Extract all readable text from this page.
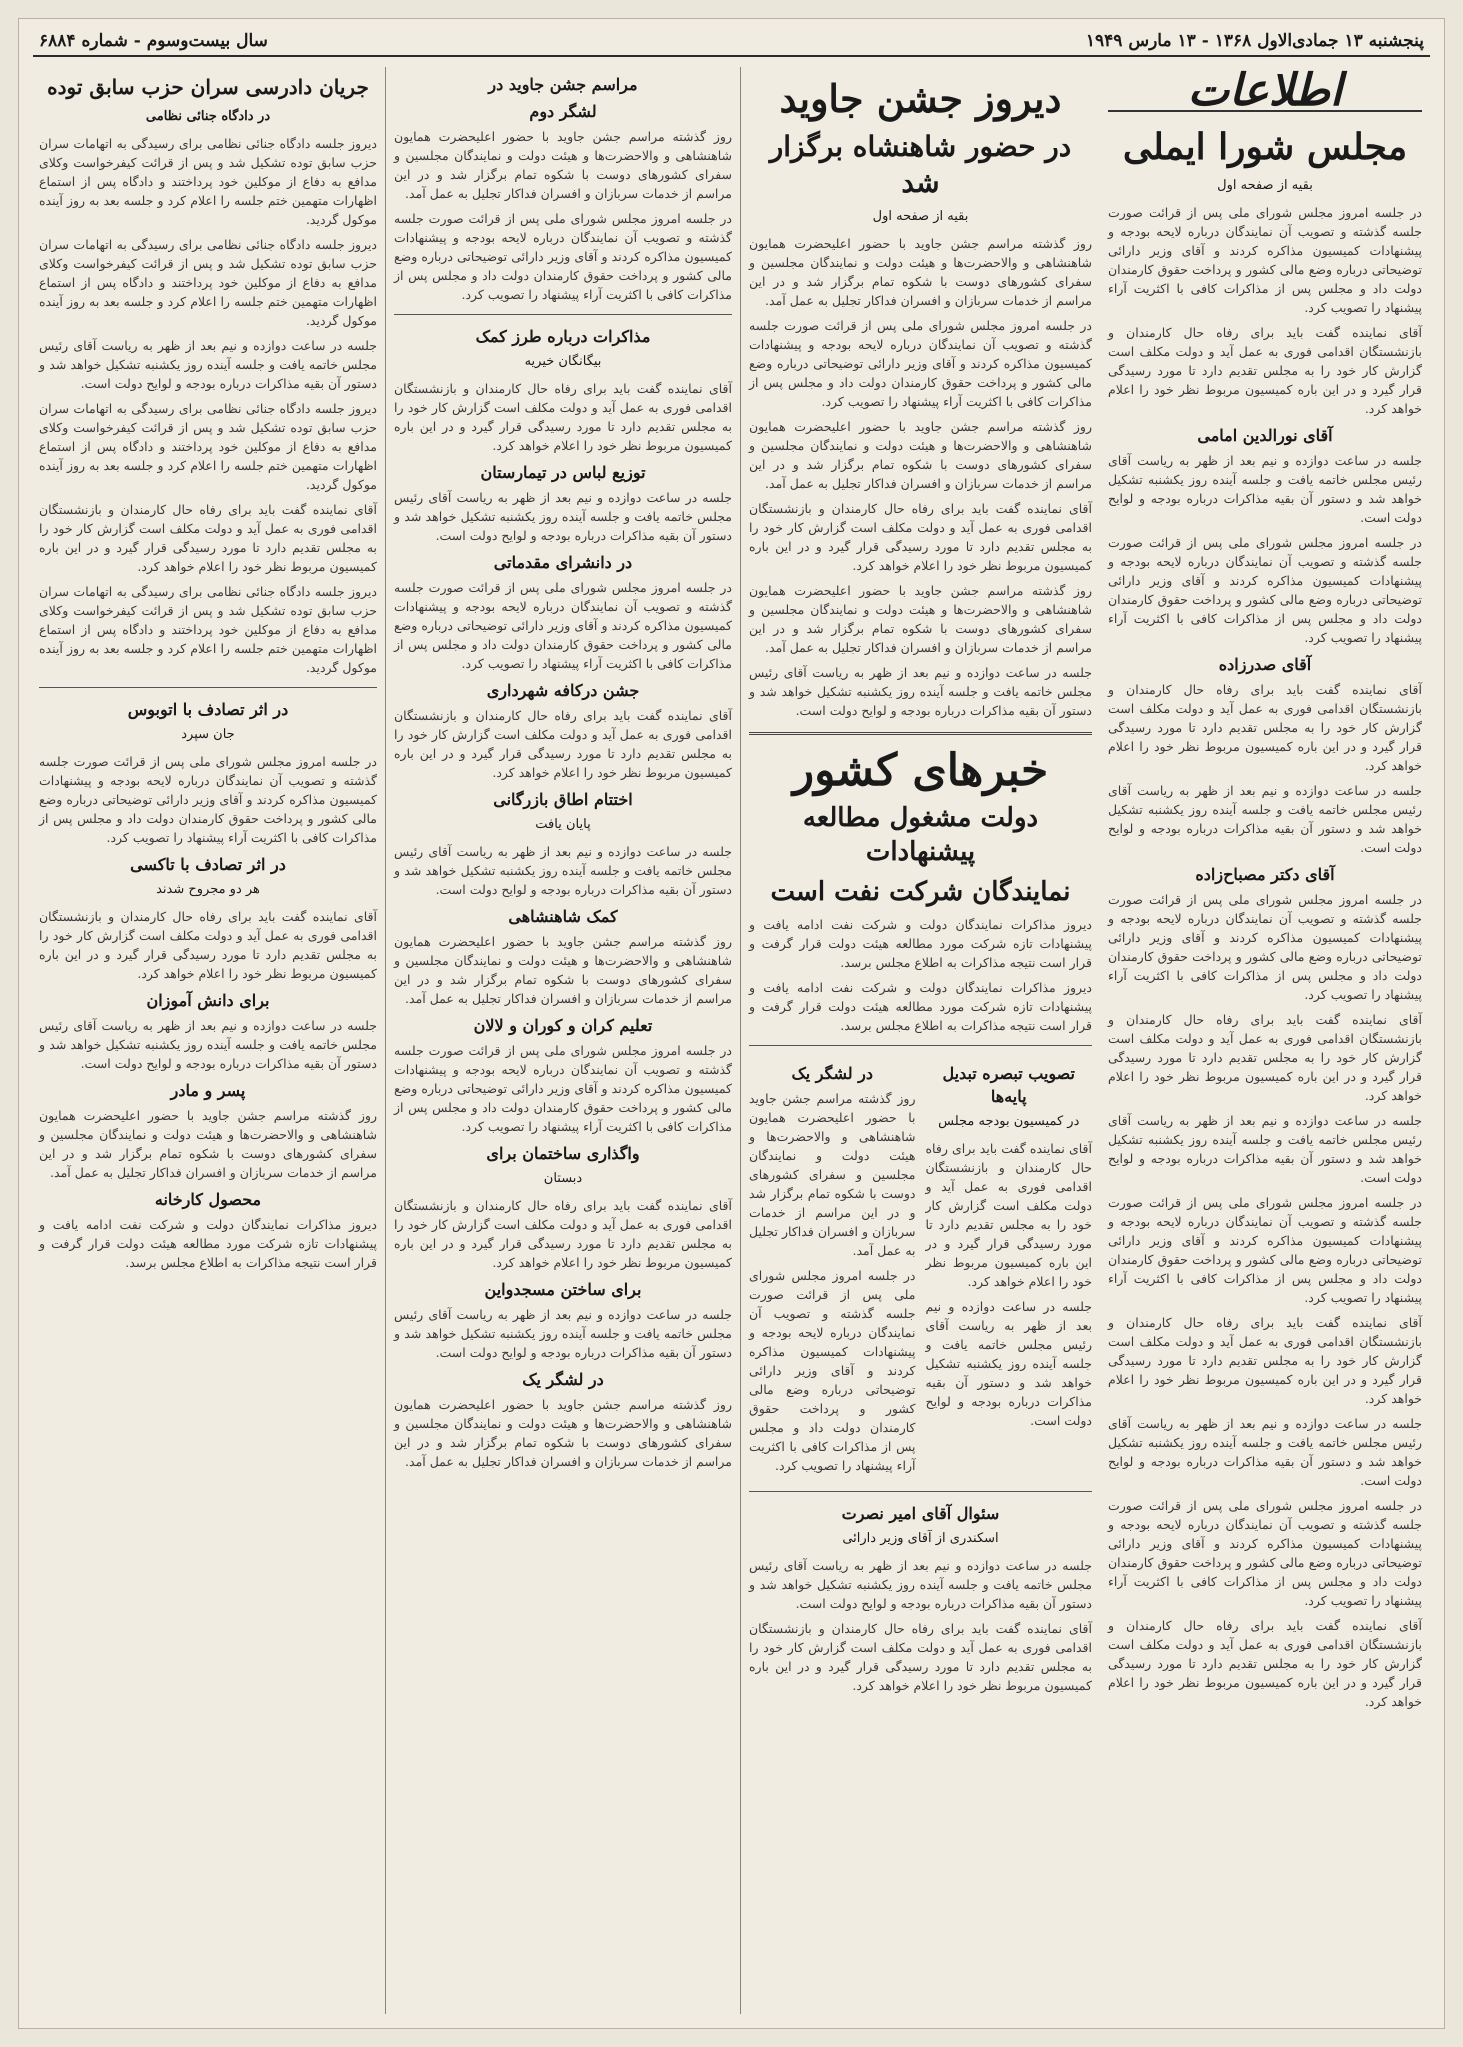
پنجشنبه ۱۳ جمادی‌الاول ۱۳۶۸ - ۱۳ مارس ۱۹۴۹
سال بیست‌وسوم - شماره ۶۸۸۴
اطلاعات
مجلس شورا ایملی
بقیه از صفحه اول

در جلسه امروز مجلس شورای ملی پس از قرائت صورت جلسه گذشته و تصویب آن نمایندگان درباره لایحه بودجه و پیشنهادات کمیسیون مذاکره کردند و آقای وزیر دارائی توضیحاتی درباره وضع مالی کشور و پرداخت حقوق کارمندان دولت داد و مجلس پس از مذاکرات کافی با اکثریت آراء پیشنهاد را تصویب کرد.

آقای نماینده گفت باید برای رفاه حال کارمندان و بازنشستگان اقدامی فوری به عمل آید و دولت مکلف است گزارش کار خود را به مجلس تقدیم دارد تا مورد رسیدگی قرار گیرد و در این باره کمیسیون مربوط نظر خود را اعلام خواهد کرد.

آقای نورالدین امامی

جلسه در ساعت دوازده و نیم بعد از ظهر به ریاست آقای رئیس مجلس خاتمه یافت و جلسه آینده روز یکشنبه تشکیل خواهد شد و دستور آن بقیه مذاکرات درباره بودجه و لوایح دولت است.

در جلسه امروز مجلس شورای ملی پس از قرائت صورت جلسه گذشته و تصویب آن نمایندگان درباره لایحه بودجه و پیشنهادات کمیسیون مذاکره کردند و آقای وزیر دارائی توضیحاتی درباره وضع مالی کشور و پرداخت حقوق کارمندان دولت داد و مجلس پس از مذاکرات کافی با اکثریت آراء پیشنهاد را تصویب کرد.

آقای صدرزاده

آقای نماینده گفت باید برای رفاه حال کارمندان و بازنشستگان اقدامی فوری به عمل آید و دولت مکلف است گزارش کار خود را به مجلس تقدیم دارد تا مورد رسیدگی قرار گیرد و در این باره کمیسیون مربوط نظر خود را اعلام خواهد کرد.

جلسه در ساعت دوازده و نیم بعد از ظهر به ریاست آقای رئیس مجلس خاتمه یافت و جلسه آینده روز یکشنبه تشکیل خواهد شد و دستور آن بقیه مذاکرات درباره بودجه و لوایح دولت است.

آقای دکتر مصباح‌زاده

در جلسه امروز مجلس شورای ملی پس از قرائت صورت جلسه گذشته و تصویب آن نمایندگان درباره لایحه بودجه و پیشنهادات کمیسیون مذاکره کردند و آقای وزیر دارائی توضیحاتی درباره وضع مالی کشور و پرداخت حقوق کارمندان دولت داد و مجلس پس از مذاکرات کافی با اکثریت آراء پیشنهاد را تصویب کرد.

آقای نماینده گفت باید برای رفاه حال کارمندان و بازنشستگان اقدامی فوری به عمل آید و دولت مکلف است گزارش کار خود را به مجلس تقدیم دارد تا مورد رسیدگی قرار گیرد و در این باره کمیسیون مربوط نظر خود را اعلام خواهد کرد.

جلسه در ساعت دوازده و نیم بعد از ظهر به ریاست آقای رئیس مجلس خاتمه یافت و جلسه آینده روز یکشنبه تشکیل خواهد شد و دستور آن بقیه مذاکرات درباره بودجه و لوایح دولت است.

در جلسه امروز مجلس شورای ملی پس از قرائت صورت جلسه گذشته و تصویب آن نمایندگان درباره لایحه بودجه و پیشنهادات کمیسیون مذاکره کردند و آقای وزیر دارائی توضیحاتی درباره وضع مالی کشور و پرداخت حقوق کارمندان دولت داد و مجلس پس از مذاکرات کافی با اکثریت آراء پیشنهاد را تصویب کرد.

آقای نماینده گفت باید برای رفاه حال کارمندان و بازنشستگان اقدامی فوری به عمل آید و دولت مکلف است گزارش کار خود را به مجلس تقدیم دارد تا مورد رسیدگی قرار گیرد و در این باره کمیسیون مربوط نظر خود را اعلام خواهد کرد.

جلسه در ساعت دوازده و نیم بعد از ظهر به ریاست آقای رئیس مجلس خاتمه یافت و جلسه آینده روز یکشنبه تشکیل خواهد شد و دستور آن بقیه مذاکرات درباره بودجه و لوایح دولت است.

در جلسه امروز مجلس شورای ملی پس از قرائت صورت جلسه گذشته و تصویب آن نمایندگان درباره لایحه بودجه و پیشنهادات کمیسیون مذاکره کردند و آقای وزیر دارائی توضیحاتی درباره وضع مالی کشور و پرداخت حقوق کارمندان دولت داد و مجلس پس از مذاکرات کافی با اکثریت آراء پیشنهاد را تصویب کرد.

آقای نماینده گفت باید برای رفاه حال کارمندان و بازنشستگان اقدامی فوری به عمل آید و دولت مکلف است گزارش کار خود را به مجلس تقدیم دارد تا مورد رسیدگی قرار گیرد و در این باره کمیسیون مربوط نظر خود را اعلام خواهد کرد.

دیروز جشن جاوید
در حضور شاهنشاه برگزار شد
بقیه از صفحه اول

روز گذشته مراسم جشن جاوید با حضور اعلیحضرت همایون شاهنشاهی و والاحضرت‌ها و هیئت دولت و نمایندگان مجلسین و سفرای کشورهای دوست با شکوه تمام برگزار شد و در این مراسم از خدمات سربازان و افسران فداکار تجلیل به عمل آمد.

در جلسه امروز مجلس شورای ملی پس از قرائت صورت جلسه گذشته و تصویب آن نمایندگان درباره لایحه بودجه و پیشنهادات کمیسیون مذاکره کردند و آقای وزیر دارائی توضیحاتی درباره وضع مالی کشور و پرداخت حقوق کارمندان دولت داد و مجلس پس از مذاکرات کافی با اکثریت آراء پیشنهاد را تصویب کرد.

روز گذشته مراسم جشن جاوید با حضور اعلیحضرت همایون شاهنشاهی و والاحضرت‌ها و هیئت دولت و نمایندگان مجلسین و سفرای کشورهای دوست با شکوه تمام برگزار شد و در این مراسم از خدمات سربازان و افسران فداکار تجلیل به عمل آمد.

آقای نماینده گفت باید برای رفاه حال کارمندان و بازنشستگان اقدامی فوری به عمل آید و دولت مکلف است گزارش کار خود را به مجلس تقدیم دارد تا مورد رسیدگی قرار گیرد و در این باره کمیسیون مربوط نظر خود را اعلام خواهد کرد.

روز گذشته مراسم جشن جاوید با حضور اعلیحضرت همایون شاهنشاهی و والاحضرت‌ها و هیئت دولت و نمایندگان مجلسین و سفرای کشورهای دوست با شکوه تمام برگزار شد و در این مراسم از خدمات سربازان و افسران فداکار تجلیل به عمل آمد.

جلسه در ساعت دوازده و نیم بعد از ظهر به ریاست آقای رئیس مجلس خاتمه یافت و جلسه آینده روز یکشنبه تشکیل خواهد شد و دستور آن بقیه مذاکرات درباره بودجه و لوایح دولت است.

خبرهای کشور
دولت مشغول مطالعه پیشنهادات
نمایندگان شرکت نفت است

دیروز مذاکرات نمایندگان دولت و شرکت نفت ادامه یافت و پیشنهادات تازه شرکت مورد مطالعه هیئت دولت قرار گرفت و قرار است نتیجه مذاکرات به اطلاع مجلس برسد.

دیروز مذاکرات نمایندگان دولت و شرکت نفت ادامه یافت و پیشنهادات تازه شرکت مورد مطالعه هیئت دولت قرار گرفت و قرار است نتیجه مذاکرات به اطلاع مجلس برسد.

تصویب تبصره تبدیل پایه‌ها
در کمیسیون بودجه مجلس

آقای نماینده گفت باید برای رفاه حال کارمندان و بازنشستگان اقدامی فوری به عمل آید و دولت مکلف است گزارش کار خود را به مجلس تقدیم دارد تا مورد رسیدگی قرار گیرد و در این باره کمیسیون مربوط نظر خود را اعلام خواهد کرد.

جلسه در ساعت دوازده و نیم بعد از ظهر به ریاست آقای رئیس مجلس خاتمه یافت و جلسه آینده روز یکشنبه تشکیل خواهد شد و دستور آن بقیه مذاکرات درباره بودجه و لوایح دولت است.

در لشگر یک

روز گذشته مراسم جشن جاوید با حضور اعلیحضرت همایون شاهنشاهی و والاحضرت‌ها و هیئت دولت و نمایندگان مجلسین و سفرای کشورهای دوست با شکوه تمام برگزار شد و در این مراسم از خدمات سربازان و افسران فداکار تجلیل به عمل آمد.

در جلسه امروز مجلس شورای ملی پس از قرائت صورت جلسه گذشته و تصویب آن نمایندگان درباره لایحه بودجه و پیشنهادات کمیسیون مذاکره کردند و آقای وزیر دارائی توضیحاتی درباره وضع مالی کشور و پرداخت حقوق کارمندان دولت داد و مجلس پس از مذاکرات کافی با اکثریت آراء پیشنهاد را تصویب کرد.

سئوال آقای امیر نصرت
اسکندری از آقای وزیر دارائی

جلسه در ساعت دوازده و نیم بعد از ظهر به ریاست آقای رئیس مجلس خاتمه یافت و جلسه آینده روز یکشنبه تشکیل خواهد شد و دستور آن بقیه مذاکرات درباره بودجه و لوایح دولت است.

آقای نماینده گفت باید برای رفاه حال کارمندان و بازنشستگان اقدامی فوری به عمل آید و دولت مکلف است گزارش کار خود را به مجلس تقدیم دارد تا مورد رسیدگی قرار گیرد و در این باره کمیسیون مربوط نظر خود را اعلام خواهد کرد.

مراسم جشن جاوید در
لشگر دوم

روز گذشته مراسم جشن جاوید با حضور اعلیحضرت همایون شاهنشاهی و والاحضرت‌ها و هیئت دولت و نمایندگان مجلسین و سفرای کشورهای دوست با شکوه تمام برگزار شد و در این مراسم از خدمات سربازان و افسران فداکار تجلیل به عمل آمد.

در جلسه امروز مجلس شورای ملی پس از قرائت صورت جلسه گذشته و تصویب آن نمایندگان درباره لایحه بودجه و پیشنهادات کمیسیون مذاکره کردند و آقای وزیر دارائی توضیحاتی درباره وضع مالی کشور و پرداخت حقوق کارمندان دولت داد و مجلس پس از مذاکرات کافی با اکثریت آراء پیشنهاد را تصویب کرد.

مذاکرات درباره طرز کمک
بیگانگان خیریه

آقای نماینده گفت باید برای رفاه حال کارمندان و بازنشستگان اقدامی فوری به عمل آید و دولت مکلف است گزارش کار خود را به مجلس تقدیم دارد تا مورد رسیدگی قرار گیرد و در این باره کمیسیون مربوط نظر خود را اعلام خواهد کرد.

توزیع لباس در تیمارستان

جلسه در ساعت دوازده و نیم بعد از ظهر به ریاست آقای رئیس مجلس خاتمه یافت و جلسه آینده روز یکشنبه تشکیل خواهد شد و دستور آن بقیه مذاکرات درباره بودجه و لوایح دولت است.

در دانشرای مقدماتی

در جلسه امروز مجلس شورای ملی پس از قرائت صورت جلسه گذشته و تصویب آن نمایندگان درباره لایحه بودجه و پیشنهادات کمیسیون مذاکره کردند و آقای وزیر دارائی توضیحاتی درباره وضع مالی کشور و پرداخت حقوق کارمندان دولت داد و مجلس پس از مذاکرات کافی با اکثریت آراء پیشنهاد را تصویب کرد.

جشن درکافه شهرداری

آقای نماینده گفت باید برای رفاه حال کارمندان و بازنشستگان اقدامی فوری به عمل آید و دولت مکلف است گزارش کار خود را به مجلس تقدیم دارد تا مورد رسیدگی قرار گیرد و در این باره کمیسیون مربوط نظر خود را اعلام خواهد کرد.

اختتام اطاق بازرگانی
پایان یافت

جلسه در ساعت دوازده و نیم بعد از ظهر به ریاست آقای رئیس مجلس خاتمه یافت و جلسه آینده روز یکشنبه تشکیل خواهد شد و دستور آن بقیه مذاکرات درباره بودجه و لوایح دولت است.

کمک شاهنشاهی

روز گذشته مراسم جشن جاوید با حضور اعلیحضرت همایون شاهنشاهی و والاحضرت‌ها و هیئت دولت و نمایندگان مجلسین و سفرای کشورهای دوست با شکوه تمام برگزار شد و در این مراسم از خدمات سربازان و افسران فداکار تجلیل به عمل آمد.

تعلیم کران و کوران و لالان

در جلسه امروز مجلس شورای ملی پس از قرائت صورت جلسه گذشته و تصویب آن نمایندگان درباره لایحه بودجه و پیشنهادات کمیسیون مذاکره کردند و آقای وزیر دارائی توضیحاتی درباره وضع مالی کشور و پرداخت حقوق کارمندان دولت داد و مجلس پس از مذاکرات کافی با اکثریت آراء پیشنهاد را تصویب کرد.

واگذاری ساختمان برای
دبستان

آقای نماینده گفت باید برای رفاه حال کارمندان و بازنشستگان اقدامی فوری به عمل آید و دولت مکلف است گزارش کار خود را به مجلس تقدیم دارد تا مورد رسیدگی قرار گیرد و در این باره کمیسیون مربوط نظر خود را اعلام خواهد کرد.

برای ساختن مسجدواین

جلسه در ساعت دوازده و نیم بعد از ظهر به ریاست آقای رئیس مجلس خاتمه یافت و جلسه آینده روز یکشنبه تشکیل خواهد شد و دستور آن بقیه مذاکرات درباره بودجه و لوایح دولت است.

در لشگر یک

روز گذشته مراسم جشن جاوید با حضور اعلیحضرت همایون شاهنشاهی و والاحضرت‌ها و هیئت دولت و نمایندگان مجلسین و سفرای کشورهای دوست با شکوه تمام برگزار شد و در این مراسم از خدمات سربازان و افسران فداکار تجلیل به عمل آمد.

جریان دادرسی سران حزب سابق توده
در دادگاه جنائی نظامی

دیروز جلسه دادگاه جنائی نظامی برای رسیدگی به اتهامات سران حزب سابق توده تشکیل شد و پس از قرائت کیفرخواست وکلای مدافع به دفاع از موکلین خود پرداختند و دادگاه پس از استماع اظهارات متهمین ختم جلسه را اعلام کرد و جلسه بعد به روز آینده موکول گردید.

دیروز جلسه دادگاه جنائی نظامی برای رسیدگی به اتهامات سران حزب سابق توده تشکیل شد و پس از قرائت کیفرخواست وکلای مدافع به دفاع از موکلین خود پرداختند و دادگاه پس از استماع اظهارات متهمین ختم جلسه را اعلام کرد و جلسه بعد به روز آینده موکول گردید.

جلسه در ساعت دوازده و نیم بعد از ظهر به ریاست آقای رئیس مجلس خاتمه یافت و جلسه آینده روز یکشنبه تشکیل خواهد شد و دستور آن بقیه مذاکرات درباره بودجه و لوایح دولت است.

دیروز جلسه دادگاه جنائی نظامی برای رسیدگی به اتهامات سران حزب سابق توده تشکیل شد و پس از قرائت کیفرخواست وکلای مدافع به دفاع از موکلین خود پرداختند و دادگاه پس از استماع اظهارات متهمین ختم جلسه را اعلام کرد و جلسه بعد به روز آینده موکول گردید.

آقای نماینده گفت باید برای رفاه حال کارمندان و بازنشستگان اقدامی فوری به عمل آید و دولت مکلف است گزارش کار خود را به مجلس تقدیم دارد تا مورد رسیدگی قرار گیرد و در این باره کمیسیون مربوط نظر خود را اعلام خواهد کرد.

دیروز جلسه دادگاه جنائی نظامی برای رسیدگی به اتهامات سران حزب سابق توده تشکیل شد و پس از قرائت کیفرخواست وکلای مدافع به دفاع از موکلین خود پرداختند و دادگاه پس از استماع اظهارات متهمین ختم جلسه را اعلام کرد و جلسه بعد به روز آینده موکول گردید.

در اثر تصادف با اتوبوس
جان سپرد

در جلسه امروز مجلس شورای ملی پس از قرائت صورت جلسه گذشته و تصویب آن نمایندگان درباره لایحه بودجه و پیشنهادات کمیسیون مذاکره کردند و آقای وزیر دارائی توضیحاتی درباره وضع مالی کشور و پرداخت حقوق کارمندان دولت داد و مجلس پس از مذاکرات کافی با اکثریت آراء پیشنهاد را تصویب کرد.

در اثر تصادف با تاکسی
هر دو مجروح شدند

آقای نماینده گفت باید برای رفاه حال کارمندان و بازنشستگان اقدامی فوری به عمل آید و دولت مکلف است گزارش کار خود را به مجلس تقدیم دارد تا مورد رسیدگی قرار گیرد و در این باره کمیسیون مربوط نظر خود را اعلام خواهد کرد.

برای دانش آموزان

جلسه در ساعت دوازده و نیم بعد از ظهر به ریاست آقای رئیس مجلس خاتمه یافت و جلسه آینده روز یکشنبه تشکیل خواهد شد و دستور آن بقیه مذاکرات درباره بودجه و لوایح دولت است.

پسر و مادر

روز گذشته مراسم جشن جاوید با حضور اعلیحضرت همایون شاهنشاهی و والاحضرت‌ها و هیئت دولت و نمایندگان مجلسین و سفرای کشورهای دوست با شکوه تمام برگزار شد و در این مراسم از خدمات سربازان و افسران فداکار تجلیل به عمل آمد.

محصول کارخانه

دیروز مذاکرات نمایندگان دولت و شرکت نفت ادامه یافت و پیشنهادات تازه شرکت مورد مطالعه هیئت دولت قرار گرفت و قرار است نتیجه مذاکرات به اطلاع مجلس برسد.
